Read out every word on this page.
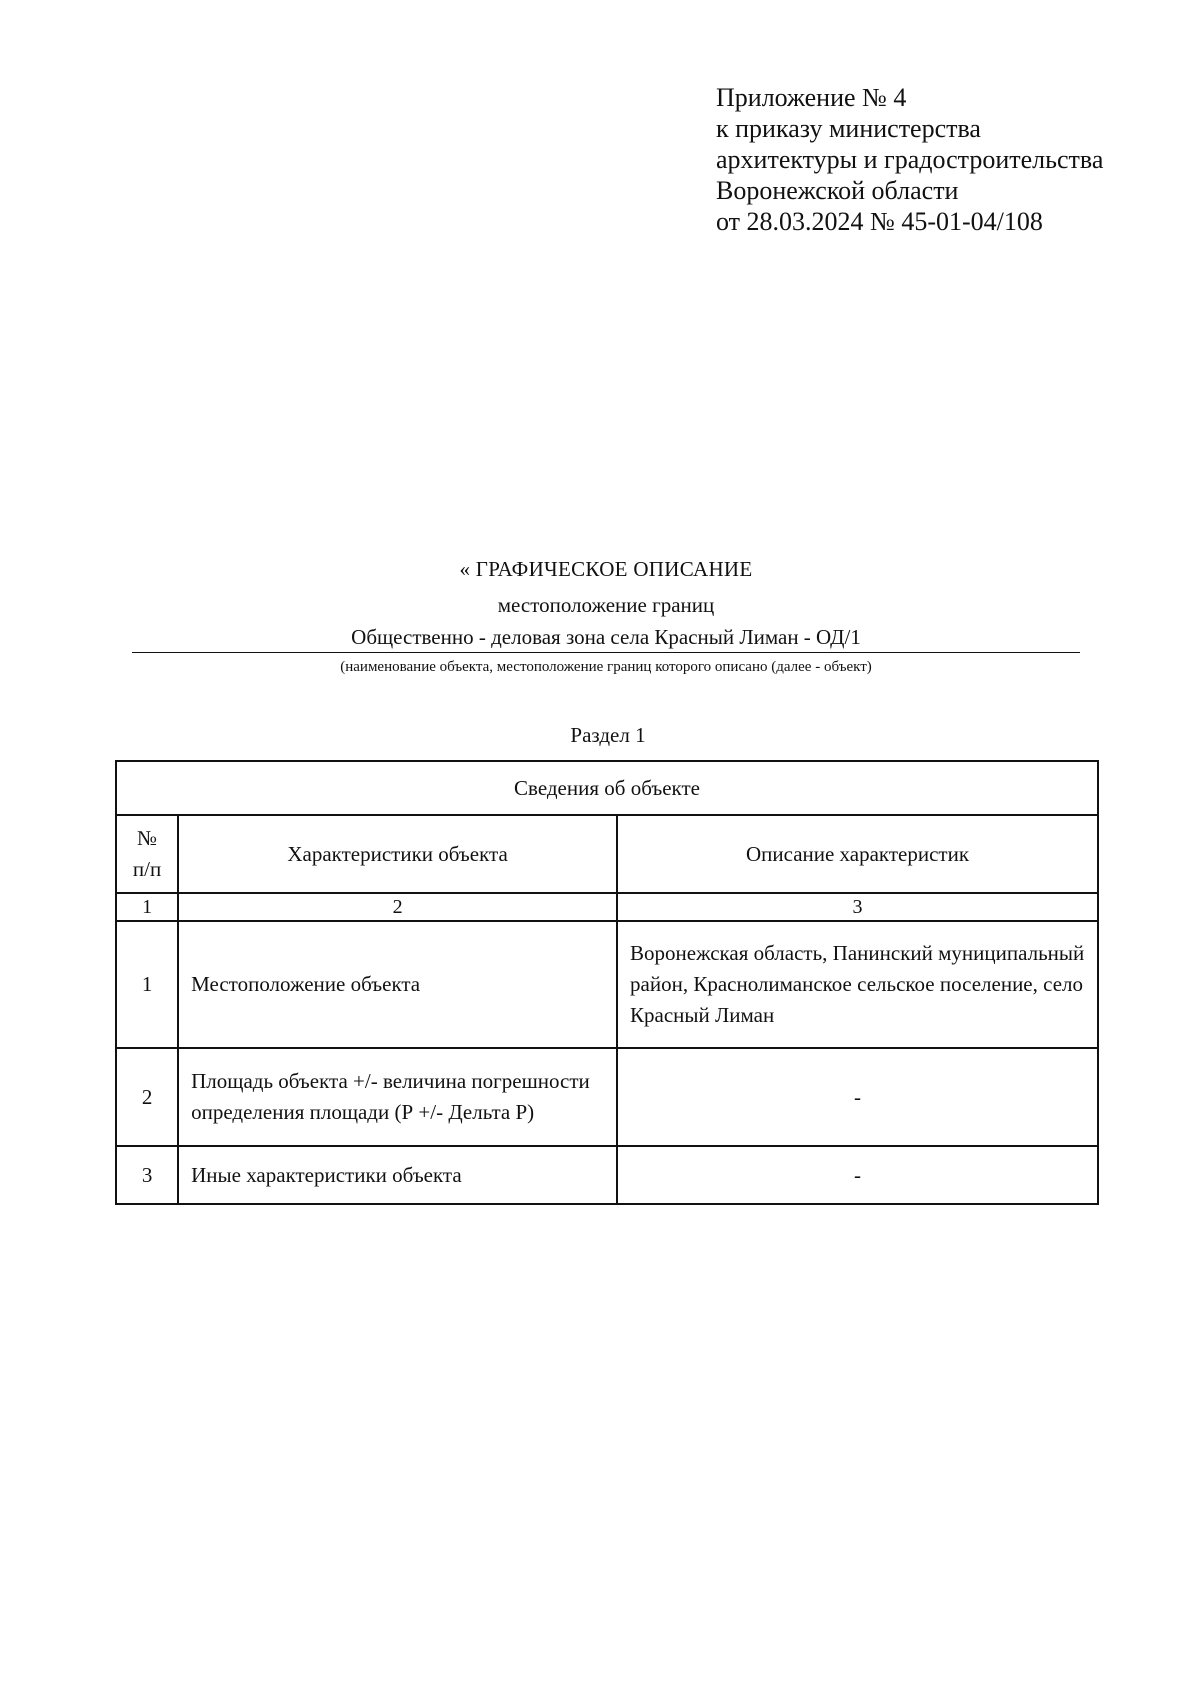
Приложение № 4
к приказу министерства
архитектуры и градостроительства
Воронежской области
от 28.03.2024 № 45-01-04/108
« ГРАФИЧЕСКОЕ ОПИСАНИЕ
местоположение границ
Общественно - деловая зона села Красный Лиман - ОД/1
(наименование объекта, местоположение границ которого описано (далее - объект)
Раздел 1
Сведения об объекте		

№
п/п	Характеристики объекта	Описание характеристик
1	2	3
1	Местоположение объекта	Воронежская область, Панинский муниципальный район, Краснолиманское сельское поселение, село Красный Лиман
2	Площадь объекта +/- величина погрешности определения площади (Р +/- Дельта Р)	-
3	Иные характеристики объекта	-
